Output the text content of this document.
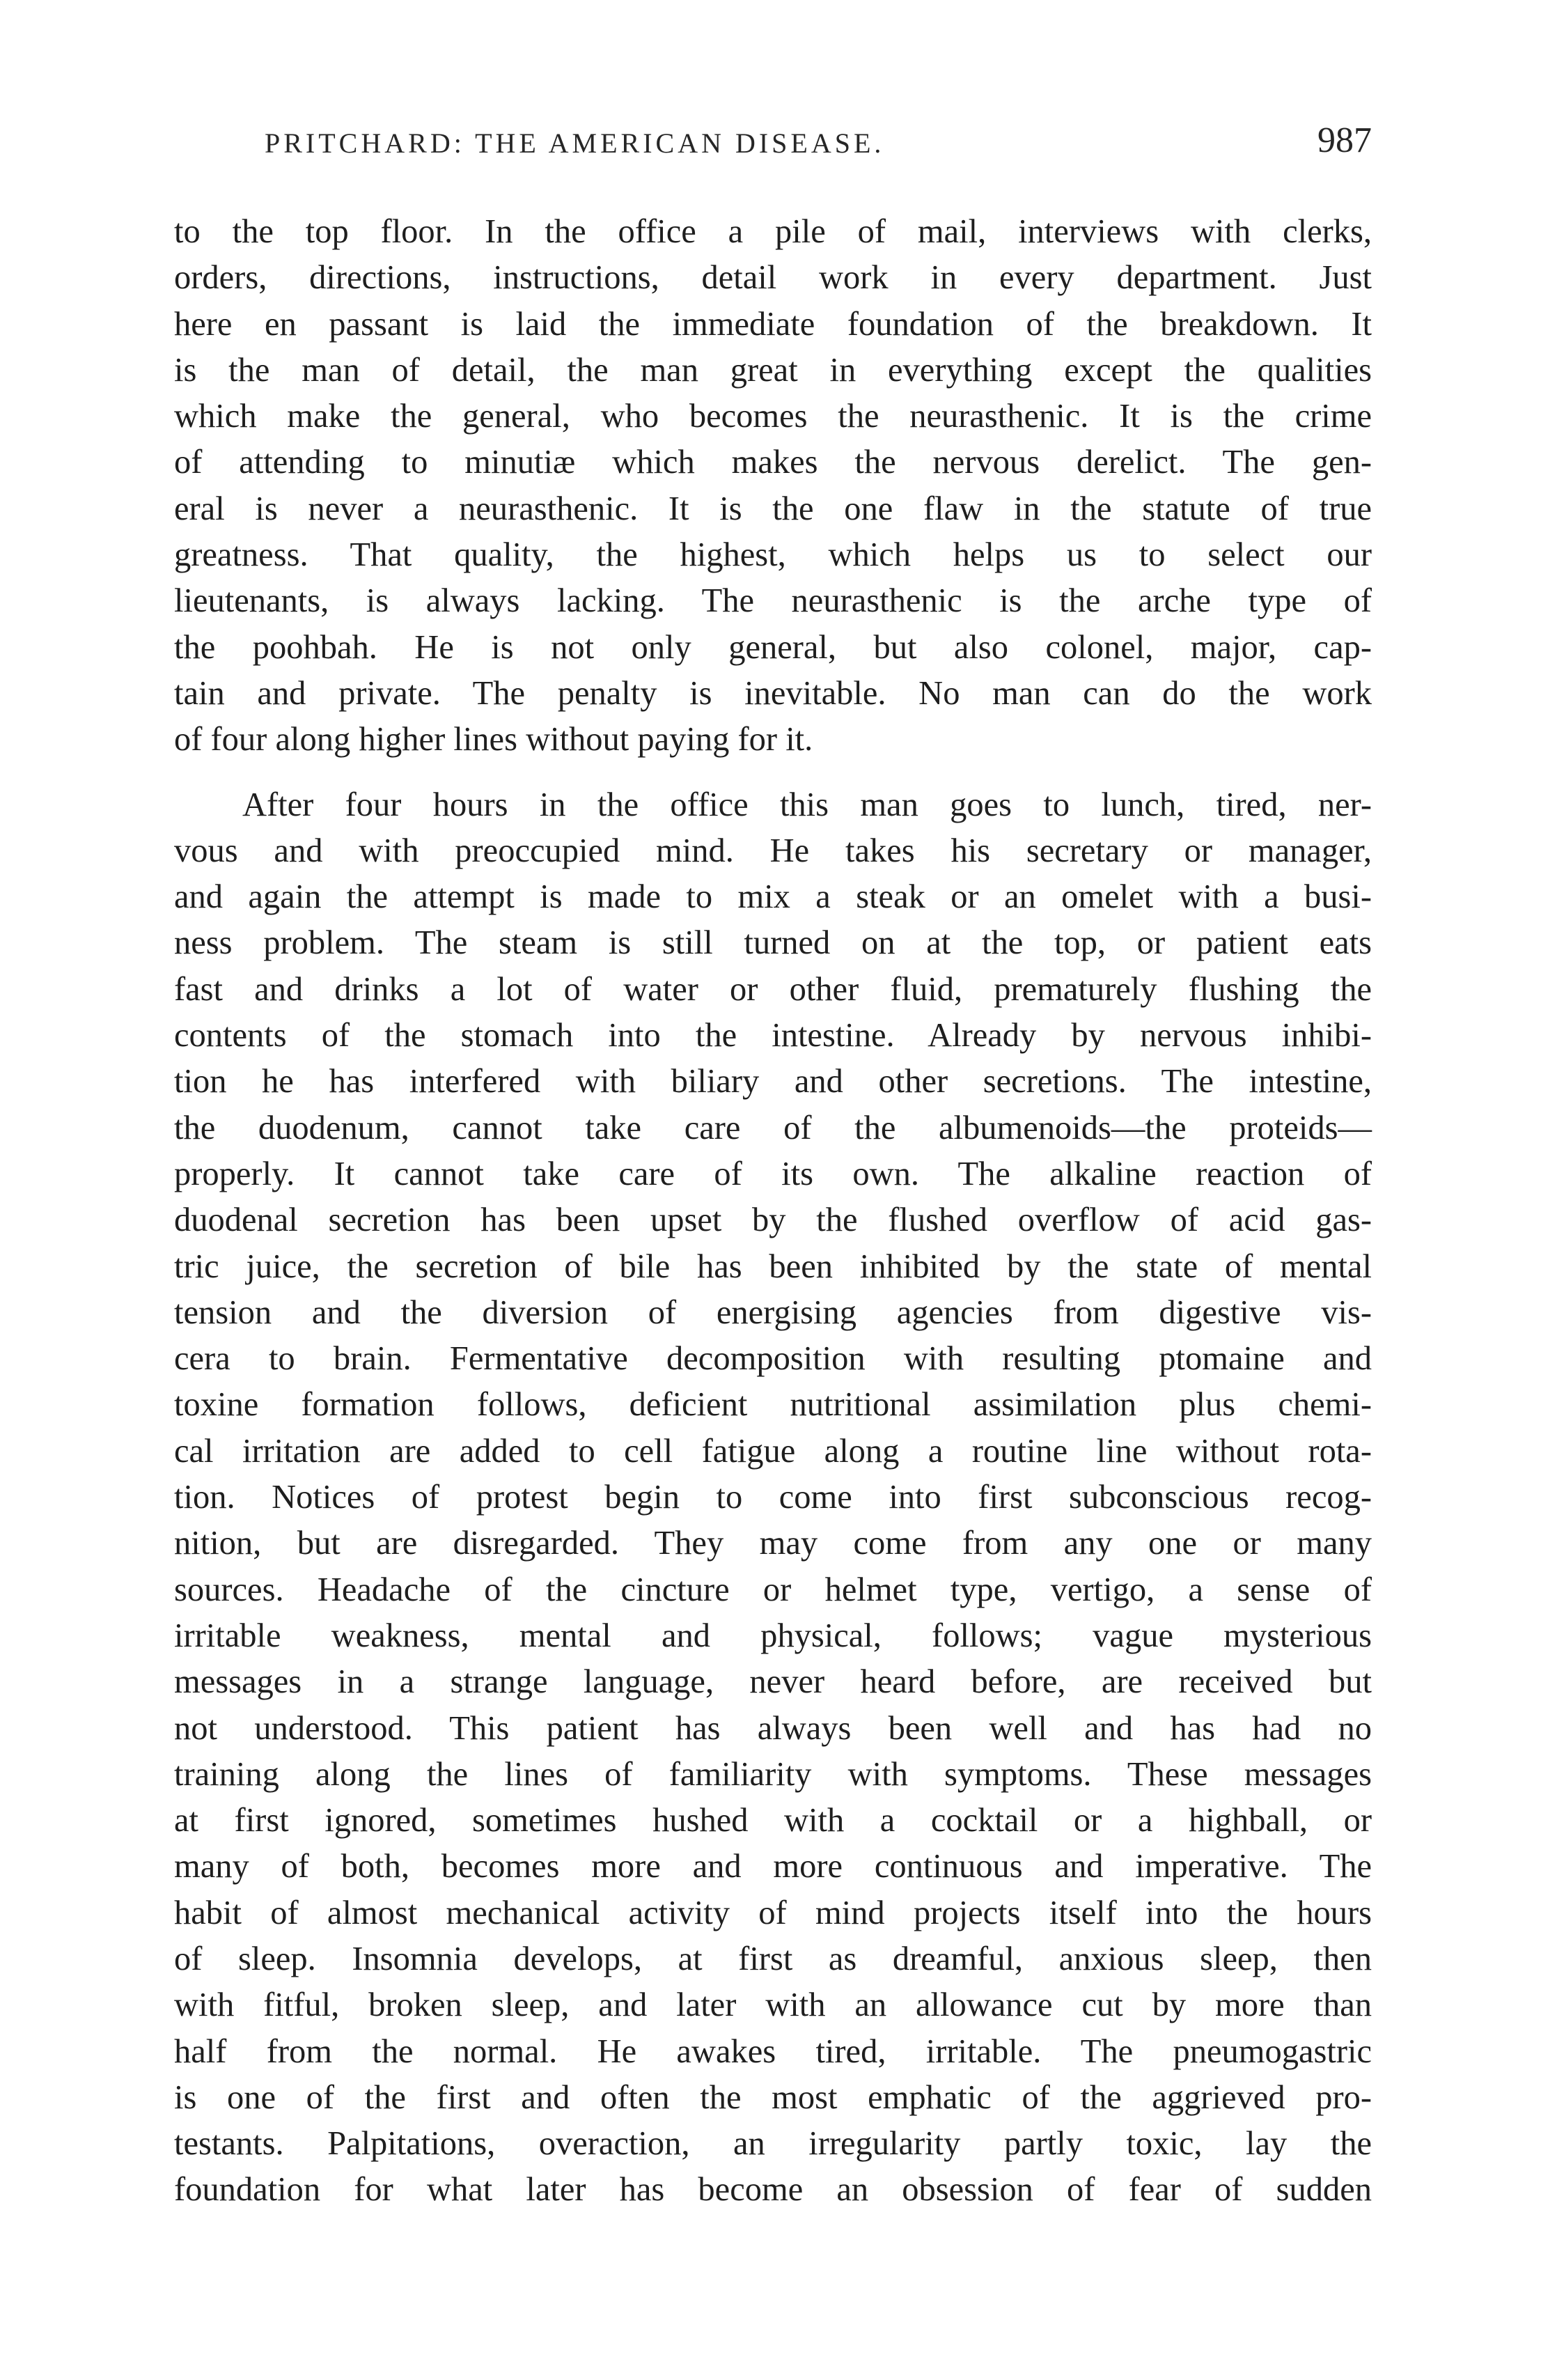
PRITCHARD: THE AMERICAN DISEASE.	987
to the top floor. In the office a pile of mail, interviews with clerks,
orders, directions, instructions, detail work in every department. Just
here en passant is laid the immediate foundation of the breakdown. It
is the man of detail, the man great in everything except the qualities
which make the general, who becomes the neurasthenic. It is the crime
of attending to minutiæ which makes the nervous derelict. The gen-
eral is never a neurasthenic. It is the one flaw in the statute of true
greatness. That quality, the highest, which helps us to select our
lieutenants, is always lacking. The neurasthenic is the arche type of
the poohbah. He is not only general, but also colonel, major, cap-
tain and private. The penalty is inevitable. No man can do the work
of four along higher lines without paying for it.
After four hours in the office this man goes to lunch, tired, ner-
vous and with preoccupied mind. He takes his secretary or manager,
and again the attempt is made to mix a steak or an omelet with a busi-
ness problem. The steam is still turned on at the top, or patient eats
fast and drinks a lot of water or other fluid, prematurely flushing the
contents of the stomach into the intestine. Already by nervous inhibi-
tion he has interfered with biliary and other secretions. The intestine,
the duodenum, cannot take care of the albumenoids—the proteids—
properly. It cannot take care of its own. The alkaline reaction of
duodenal secretion has been upset by the flushed overflow of acid gas-
tric juice, the secretion of bile has been inhibited by the state of mental
tension and the diversion of energising agencies from digestive vis-
cera to brain. Fermentative decomposition with resulting ptomaine and
toxine formation follows, deficient nutritional assimilation plus chemi-
cal irritation are added to cell fatigue along a routine line without rota-
tion. Notices of protest begin to come into first subconscious recog-
nition, but are disregarded. They may come from any one or many
sources. Headache of the cincture or helmet type, vertigo, a sense of
irritable weakness, mental and physical, follows; vague mysterious
messages in a strange language, never heard before, are received but
not understood. This patient has always been well and has had no
training along the lines of familiarity with symptoms. These messages
at first ignored, sometimes hushed with a cocktail or a highball, or
many of both, becomes more and more continuous and imperative. The
habit of almost mechanical activity of mind projects itself into the hours
of sleep. Insomnia develops, at first as dreamful, anxious sleep, then
with fitful, broken sleep, and later with an allowance cut by more than
half from the normal. He awakes tired, irritable. The pneumogastric
is one of the first and often the most emphatic of the aggrieved pro-
testants. Palpitations, overaction, an irregularity partly toxic, lay the
foundation for what later has become an obsession of fear of sudden
